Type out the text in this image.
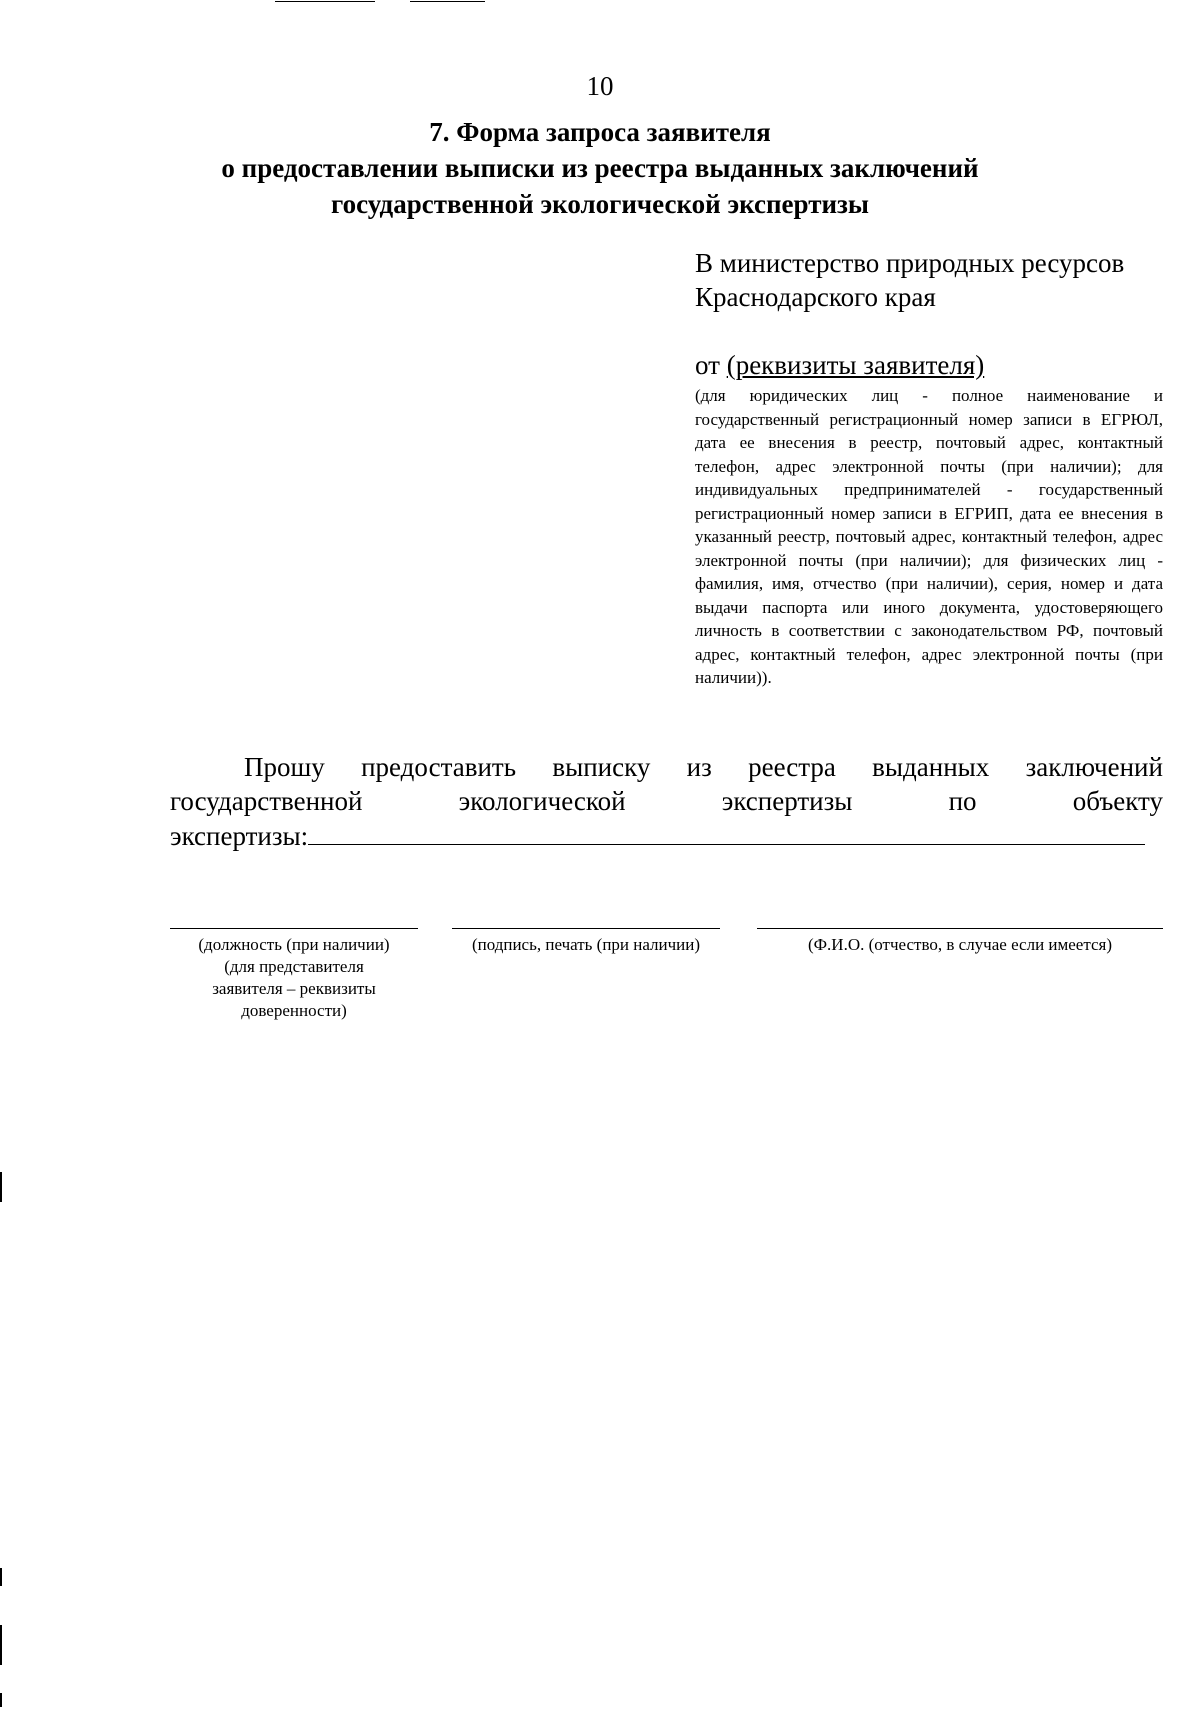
10
7. Форма запроса заявителя
о предоставлении выписки из реестра выданных заключений
государственной экологической экспертизы
В министерство природных ресурсов
Краснодарского края
от (реквизиты заявителя)
(для юридических лиц - полное наименование и государственный регистрационный номер записи в ЕГРЮЛ, дата ее внесения в реестр, почтовый адрес, контактный телефон, адрес электронной почты (при наличии); для индивидуальных предпринимателей - государственный регистрационный номер записи в ЕГРИП, дата ее внесения в указанный реестр, почтовый адрес, контактный телефон, адрес электронной почты (при наличии); для физических лиц - фамилия, имя, отчество (при наличии), серия, номер и дата выдачи паспорта или иного документа, удостоверяющего личность в соответствии с законодательством РФ, почтовый адрес, контактный телефон, адрес электронной почты (при наличии)).
Прошу предоставить выписку из реестра выданных заключений
государственной	экологической	экспертизы	по	объекту
экспертизы:
(должность (при наличии)
(для представителя
заявителя – реквизиты
доверенности)
(подпись, печать (при наличии)	(Ф.И.О. (отчество, в случае если имеется)
